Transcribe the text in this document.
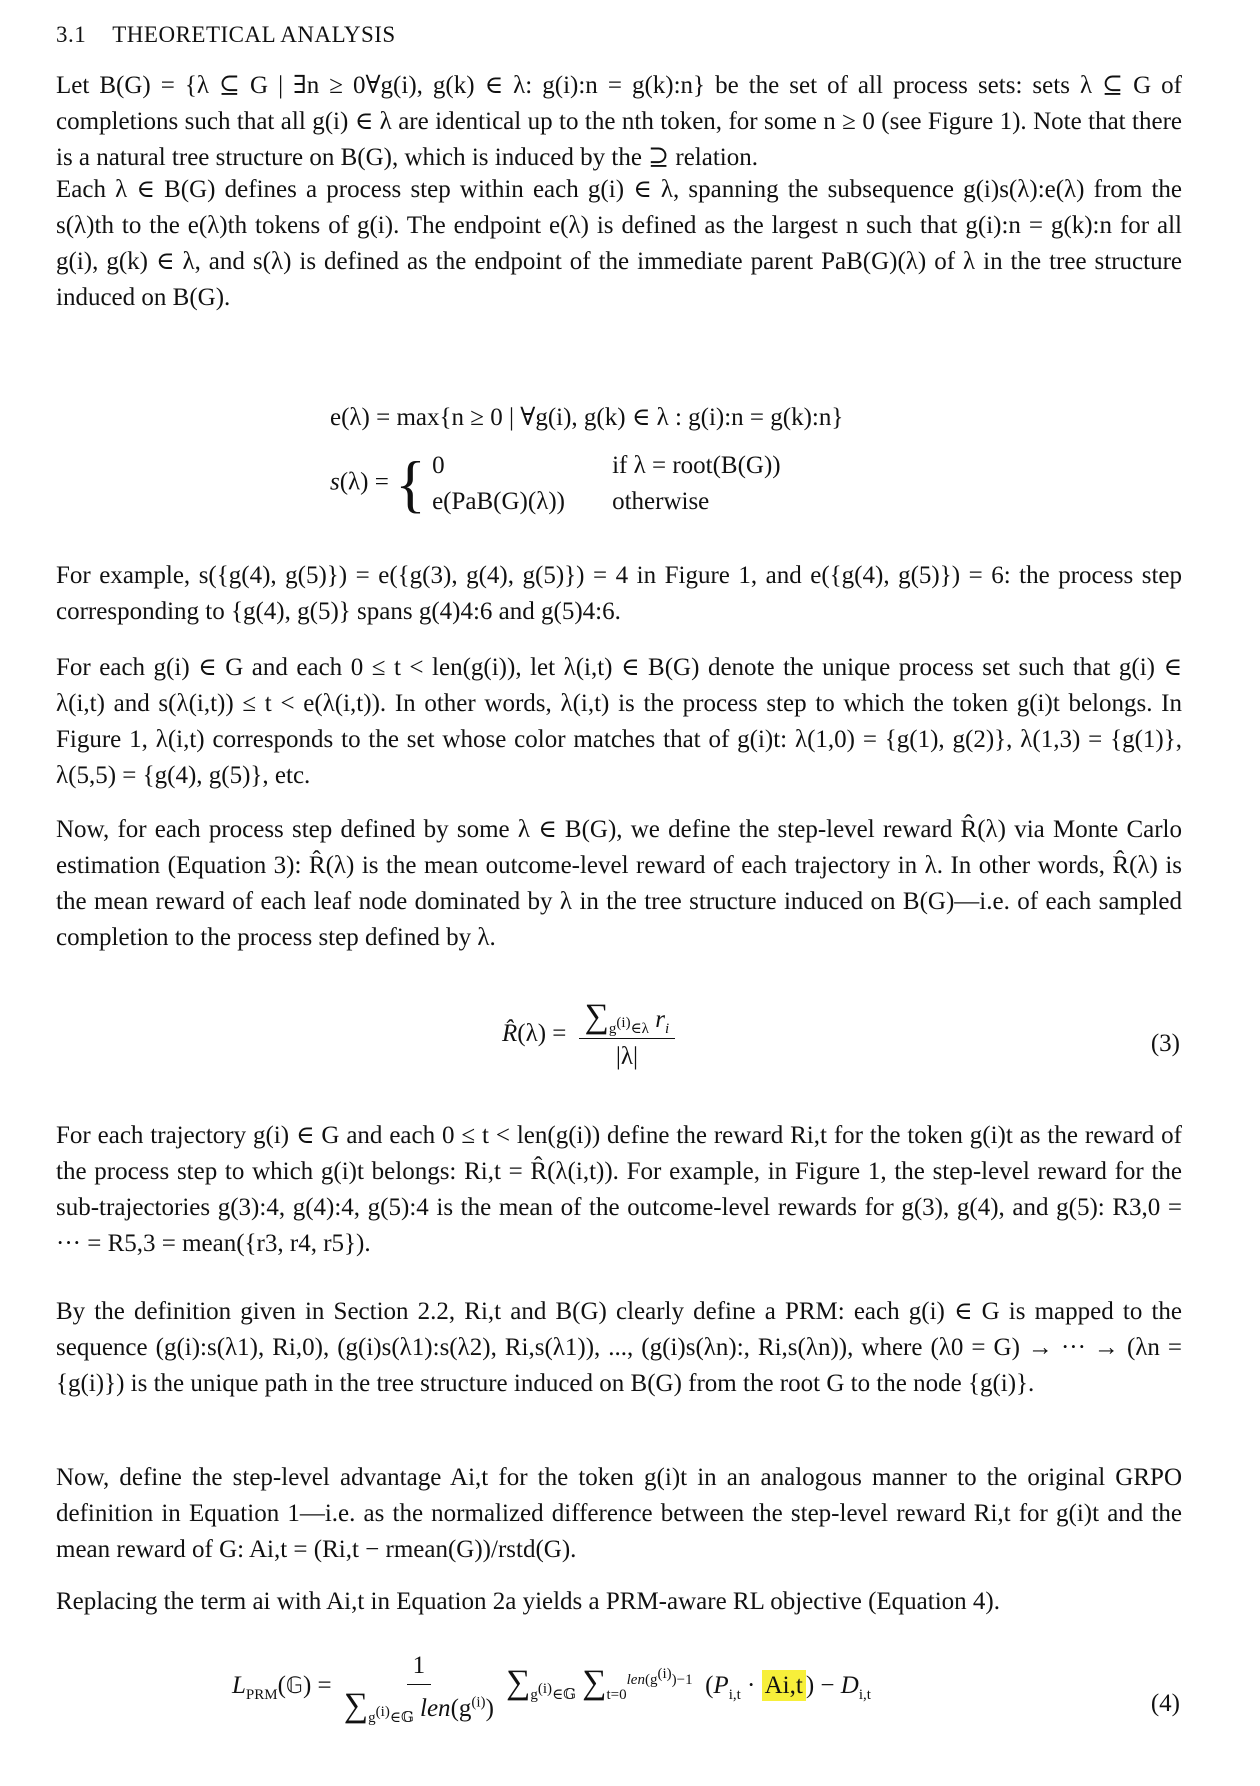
3.1 THEORETICAL ANALYSIS
Let B(G) = {λ ⊆ G | ∃n ≥ 0∀g(i), g(k) ∈ λ: g(i):n = g(k):n} be the set of all process sets: sets λ ⊆ G of completions such that all g(i) ∈ λ are identical up to the nth token, for some n ≥ 0 (see Figure 1). Note that there is a natural tree structure on B(G), which is induced by the ⊇ relation.
Each λ ∈ B(G) defines a process step within each g(i) ∈ λ, spanning the subsequence g(i)s(λ):e(λ) from the s(λ)th to the e(λ)th tokens of g(i). The endpoint e(λ) is defined as the largest n such that g(i):n = g(k):n for all g(i), g(k) ∈ λ, and s(λ) is defined as the endpoint of the immediate parent PaB(G)(λ) of λ in the tree structure induced on B(G).
e(λ) = max{n ≥ 0 | ∀g(i), g(k) ∈ λ : g(i):n = g(k):n}
s(λ) = { 0	if λ = root(B(G))
e(PaB(G)(λ)) otherwise
For example, s({g(4), g(5)}) = e({g(3), g(4), g(5)}) = 4 in Figure 1, and e({g(4), g(5)}) = 6: the process step corresponding to {g(4), g(5)} spans g(4)4:6 and g(5)4:6.
For each g(i) ∈ G and each 0 ≤ t < len(g(i)), let λ(i,t) ∈ B(G) denote the unique process set such that g(i) ∈ λ(i,t) and s(λ(i,t)) ≤ t < e(λ(i,t)). In other words, λ(i,t) is the process step to which the token g(i)t belongs. In Figure 1, λ(i,t) corresponds to the set whose color matches that of g(i)t: λ(1,0) = {g(1), g(2)}, λ(1,3) = {g(1)}, λ(5,5) = {g(4), g(5)}, etc.
Now, for each process step defined by some λ ∈ B(G), we define the step-level reward R̂(λ) via Monte Carlo estimation (Equation 3): R̂(λ) is the mean outcome-level reward of each trajectory in λ. In other words, R̂(λ) is the mean reward of each leaf node dominated by λ in the tree structure induced on B(G)—i.e. of each sampled completion to the process step defined by λ.
R̂(λ) = $\frac{\sum_{g^{(i)}\in\lambda} r_i}{|\lambda|}$	(3)
For each trajectory g(i) ∈ G and each 0 ≤ t < len(g(i)) define the reward Ri,t for the token g(i)t as the reward of the process step to which g(i)t belongs: Ri,t = R̂(λ(i,t)). For example, in Figure 1, the step-level reward for the sub-trajectories g(3):4, g(4):4, g(5):4 is the mean of the outcome-level rewards for g(3), g(4), and g(5): R3,0 = ··· = R5,3 = mean({r3, r4, r5}).
By the definition given in Section 2.2, Ri,t and B(G) clearly define a PRM: each g(i) ∈ G is mapped to the sequence (g(i):s(λ1), Ri,0), (g(i)s(λ1):s(λ2), Ri,s(λ1)), ..., (g(i)s(λn):, Ri,s(λn)), where (λ0 = G) → ··· → (λn = {g(i)}) is the unique path in the tree structure induced on B(G) from the root G to the node {g(i)}.
Now, define the step-level advantage Ai,t for the token g(i)t in an analogous manner to the original GRPO definition in Equation 1—i.e. as the normalized difference between the step-level reward Ri,t for g(i)t and the mean reward of G: Ai,t = (Ri,t − rmean(G))/rstd(G).
Replacing the term ai with Ai,t in Equation 2a yields a PRM-aware RL objective (Equation 4).
$L_{PRM}(𝔾) = \frac{1}{\sum_{g^{(i)}\in 𝔾} len(g^{(i)})} \sum_{g^{(i)}\in 𝔾}$ $\sum_{t=0}^{len(g^{(i)})-1}$  ($P_{i,t} \cdot Ai,t$ ) − $D_{i,t}$	(4)
